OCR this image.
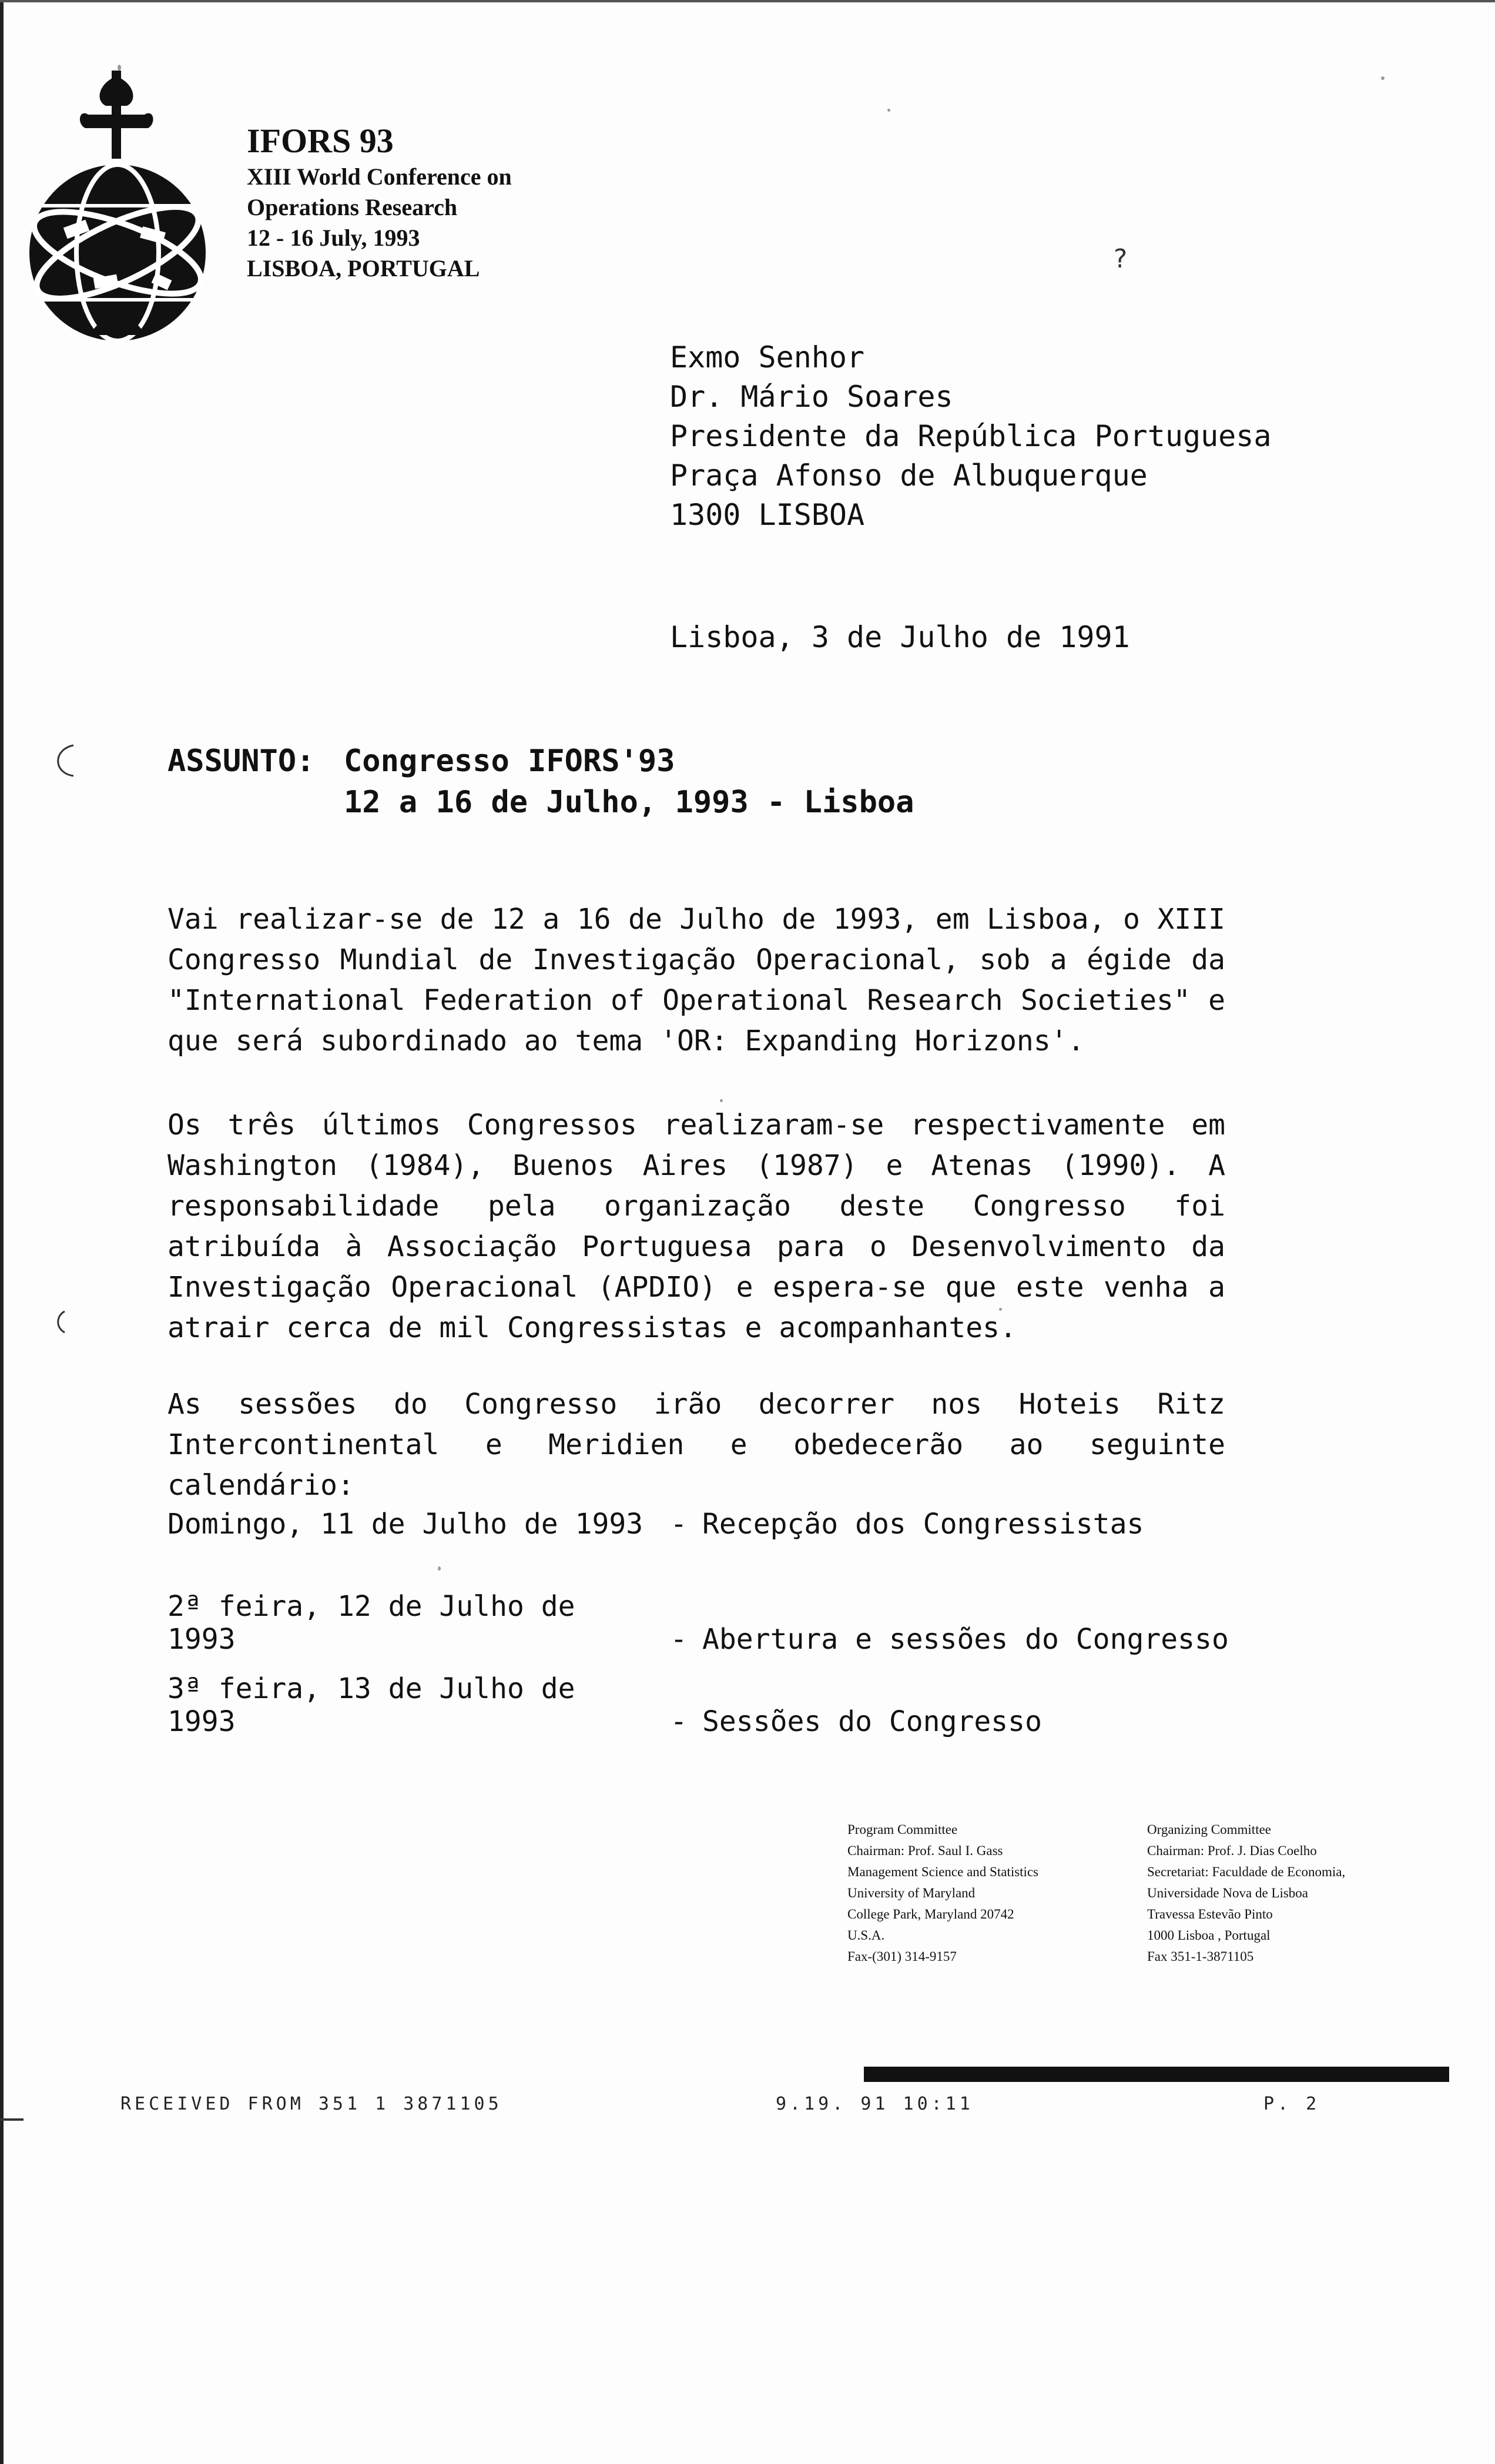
IFORS 93
XIII World Conference on
Operations Research
12 - 16 July, 1993
LISBOA, PORTUGAL	?
Exmo Senhor
Dr. Mário Soares
Presidente da República Portuguesa
Praça Afonso de Albuquerque
1300 LISBOA
Lisboa, 3 de Julho de 1991
ASSUNTO: Congresso IFORS'93
12 a 16 de Julho, 1993 - Lisboa
Vai realizar-se de 12 a 16 de Julho de 1993, em Lisboa, o XIII Congresso Mundial de Investigação Operacional, sob a égide da "International Federation of Operational Research Societies" e que será subordinado ao tema 'OR: Expanding Horizons'.
Os três últimos Congressos realizaram-se respectivamente em Washington (1984), Buenos Aires (1987) e Atenas (1990). A responsabilidade pela organização deste Congresso foi atribuída à Associação Portuguesa para o Desenvolvimento da Investigação Operacional (APDIO) e espera-se que este venha a atrair cerca de mil Congressistas e acompanhantes.
As sessões do Congresso irão decorrer nos Hoteis Ritz Intercontinental e Meridien e obedecerão ao seguinte calendário:
Domingo, 11 de Julho de 1993 - Recepção dos Congressistas
2ª feira, 12 de Julho de 1993	- Abertura e sessões do Congresso
3ª feira, 13 de Julho de 1993	- Sessões do Congresso
Program Committee
Chairman: Prof. Saul I. Gass
Management Science and Statistics
University of Maryland
College Park, Maryland 20742
U.S.A.
Fax-(301) 314-9157
Organizing Committee
Chairman: Prof. J. Dias Coelho
Secretariat: Faculdade de Economia,
Universidade Nova de Lisboa
Travessa Estevão Pinto
1000 Lisboa , Portugal
Fax 351-1-3871105
RECEIVED FROM 351 1 3871105	9.19. 91 10:11	P. 2
